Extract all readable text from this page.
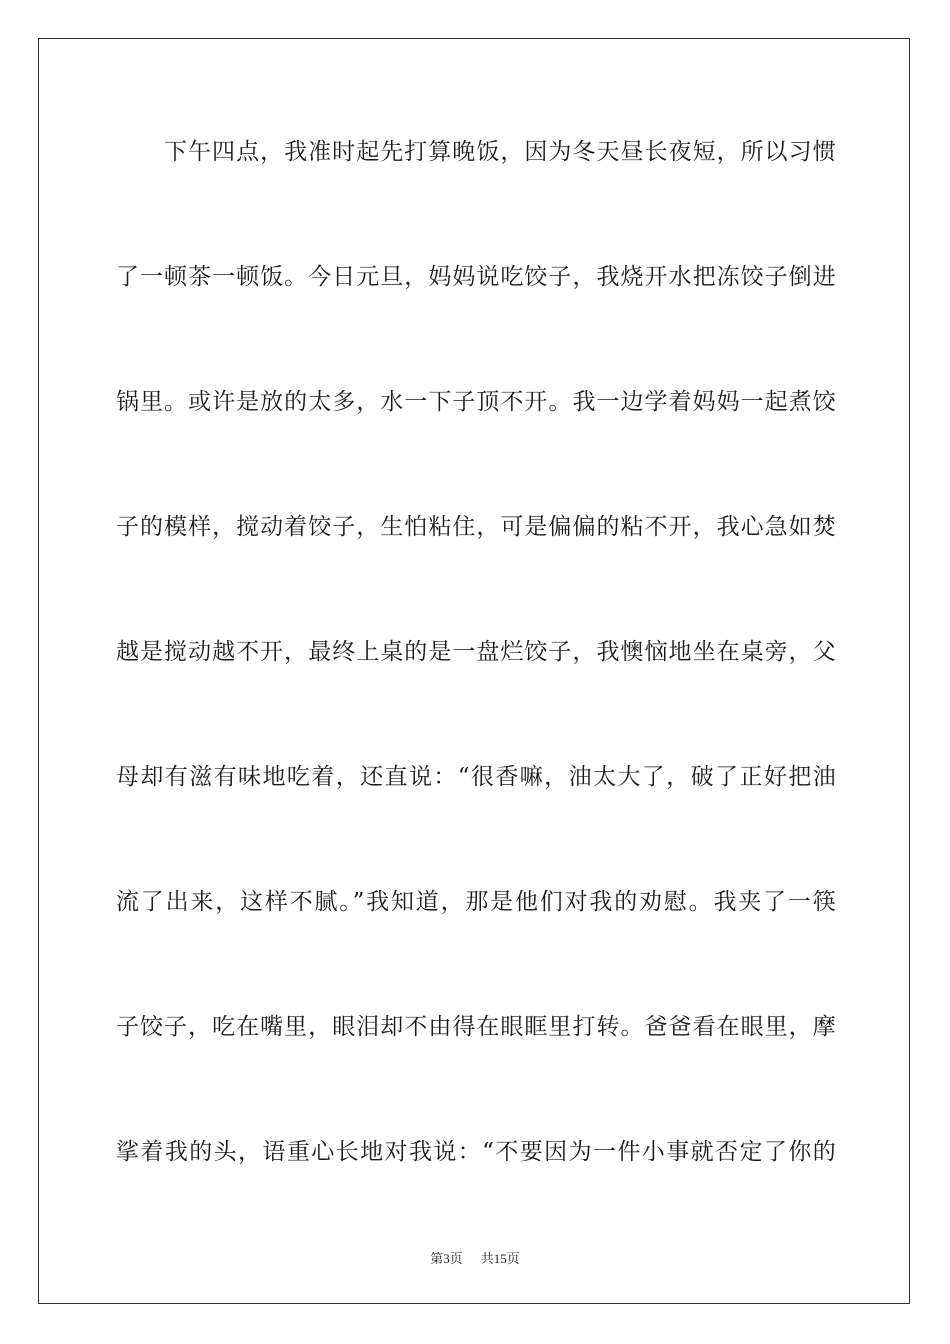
下午四点，我准时起先打算晚饭，因为冬天昼长夜短，所以习惯
了一顿茶一顿饭。今日元旦，妈妈说吃饺子，我烧开水把冻饺子倒进
锅里。或许是放的太多，水一下子顶不开。我一边学着妈妈一起煮饺
子的模样，搅动着饺子，生怕粘住，可是偏偏的粘不开，我心急如焚
越是搅动越不开，最终上桌的是一盘烂饺子，我懊恼地坐在桌旁，父
母却有滋有味地吃着，还直说：“很香嘛，油太大了，破了正好把油
流了出来，这样不腻。”我知道，那是他们对我的劝慰。我夹了一筷
子饺子，吃在嘴里，眼泪却不由得在眼眶里打转。爸爸看在眼里，摩
挲着我的头，语重心长地对我说：“不要因为一件小事就否定了你的
第3页 共15页
